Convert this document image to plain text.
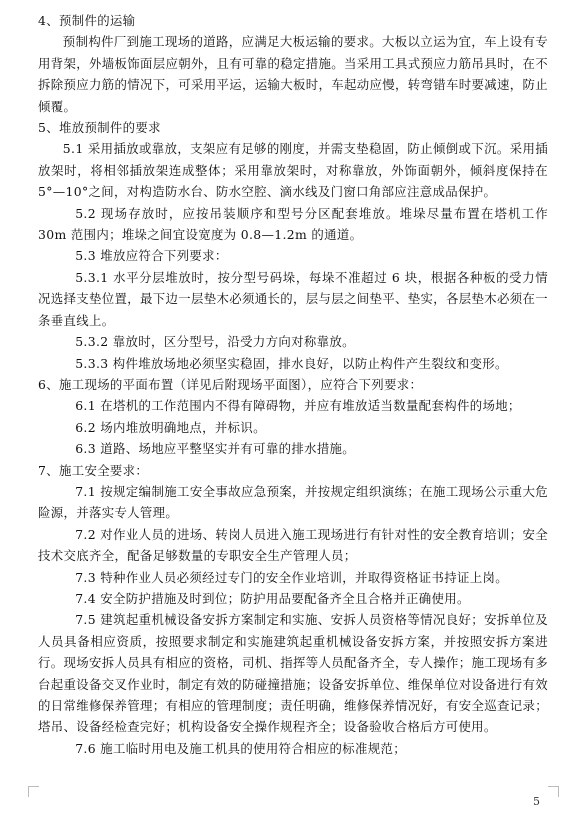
4、预制件的运输

预制构件厂到施工现场的道路，应满足大板运输的要求。大板以立运为宜，车上设有专用背架，外墙板饰面层应朝外，且有可靠的稳定措施。当采用工具式预应力筋吊具时，在不拆除预应力筋的情况下，可采用平运，运输大板时，车起动应慢，转弯错车时要减速，防止倾覆。

5、堆放预制件的要求

5.1 采用插放或靠放，支架应有足够的刚度，并需支垫稳固，防止倾倒或下沉。采用插放架时，将相邻插放架连成整体；采用靠放架时，对称靠放，外饰面朝外，倾斜度保持在 5°—10°之间，对构造防水台、防水空腔、滴水线及门窗口角部应注意成品保护。

5.2 现场存放时，应按吊装顺序和型号分区配套堆放。堆垛尽量布置在塔机工作 30m 范围内；堆垛之间宜设宽度为 0.8—1.2m 的通道。

5.3 堆放应符合下列要求：

5.3.1 水平分层堆放时，按分型号码垛，每垛不准超过 6 块，根据各种板的受力情况选择支垫位置，最下边一层垫木必须通长的，层与层之间垫平、垫实，各层垫木必须在一条垂直线上。

5.3.2 靠放时，区分型号，沿受力方向对称靠放。

5.3.3 构件堆放场地必须坚实稳固，排水良好，以防止构件产生裂纹和变形。

6、施工现场的平面布置（详见后附现场平面图），应符合下列要求：

6.1 在塔机的工作范围内不得有障碍物，并应有堆放适当数量配套构件的场地；

6.2 场内堆放明确地点，并标识。

6.3 道路、场地应平整坚实并有可靠的排水措施。

7、施工安全要求：

7.1 按规定编制施工安全事故应急预案，并按规定组织演练；在施工现场公示重大危险源，并落实专人管理。

7.2 对作业人员的进场、转岗人员进入施工现场进行有针对性的安全教育培训；安全技术交底齐全，配备足够数量的专职安全生产管理人员；

7.3 特种作业人员必须经过专门的安全作业培训，并取得资格证书持证上岗。

7.4 安全防护措施及时到位；防护用品要配备齐全且合格并正确使用。

7.5 建筑起重机械设备安拆方案制定和实施、安拆人员资格等情况良好；安拆单位及人员具备相应资质，按照要求制定和实施建筑起重机械设备安拆方案，并按照安拆方案进行。现场安拆人员具有相应的资格，司机、指挥等人员配备齐全，专人操作；施工现场有多台起重设备交叉作业时，制定有效的防碰撞措施；设备安拆单位、维保单位对设备进行有效的日常维修保养管理；有相应的管理制度；责任明确，维修保养情况好，有安全巡查记录；塔吊、设备经检查完好；机构设备安全操作规程齐全；设备验收合格后方可使用。

7.6 施工临时用电及施工机具的使用符合相应的标准规范；

5
